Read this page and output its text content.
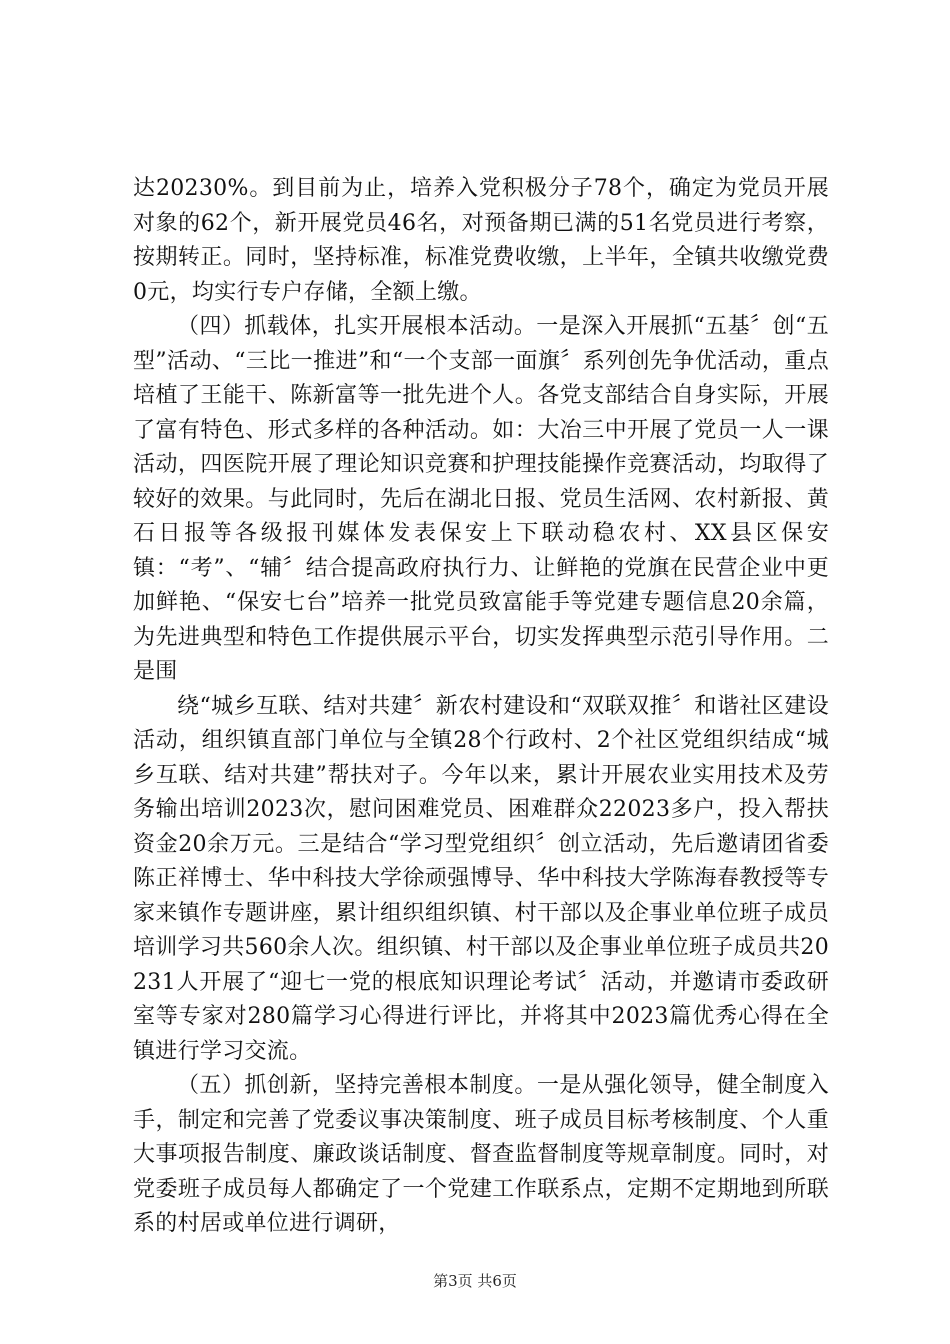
达20230%。到目前为止，培养入党积极分子78个，确定为党员开展对象的62个，新开展党员46名，对预备期已满的51名党员进行考察，按期转正。同时，坚持标准，标准党费收缴，上半年，全镇共收缴党费0元，均实行专户存储，全额上缴。

（四）抓载体，扎实开展根本活动。一是深入开展抓“五基〞创“五型”活动、“三比一推进”和“一个支部一面旗〞系列创先争优活动，重点培植了王能干、陈新富等一批先进个人。各党支部结合自身实际，开展了富有特色、形式多样的各种活动。如：大冶三中开展了党员一人一课活动，四医院开展了理论知识竞赛和护理技能操作竞赛活动，均取得了较好的效果。与此同时，先后在湖北日报、党员生活网、农村新报、黄石日报等各级报刊媒体发表保安上下联动稳农村、XX县区保安镇：“考”、“辅〞结合提高政府执行力、让鲜艳的党旗在民营企业中更加鲜艳、“保安七台”培养一批党员致富能手等党建专题信息20余篇，为先进典型和特色工作提供展示平台，切实发挥典型示范引导作用。二是围

绕“城乡互联、结对共建〞新农村建设和“双联双推〞和谐社区建设活动，组织镇直部门单位与全镇28个行政村、2个社区党组织结成“城乡互联、结对共建”帮扶对子。今年以来，累计开展农业实用技术及劳务输出培训2023次，慰问困难党员、困难群众22023多户，投入帮扶资金20余万元。三是结合“学习型党组织〞创立活动，先后邀请团省委陈正祥博士、华中科技大学徐顽强博导、华中科技大学陈海春教授等专家来镇作专题讲座，累计组织组织镇、村干部以及企事业单位班子成员培训学习共560余人次。组织镇、村干部以及企事业单位班子成员共20231人开展了“迎七一党的根底知识理论考试〞活动，并邀请市委政研室等专家对280篇学习心得进行评比，并将其中2023篇优秀心得在全镇进行学习交流。

（五）抓创新，坚持完善根本制度。一是从强化领导，健全制度入手，制定和完善了党委议事决策制度、班子成员目标考核制度、个人重大事项报告制度、廉政谈话制度、督查监督制度等规章制度。同时，对党委班子成员每人都确定了一个党建工作联系点，定期不定期地到所联系的村居或单位进行调研，

第3页 共6页
